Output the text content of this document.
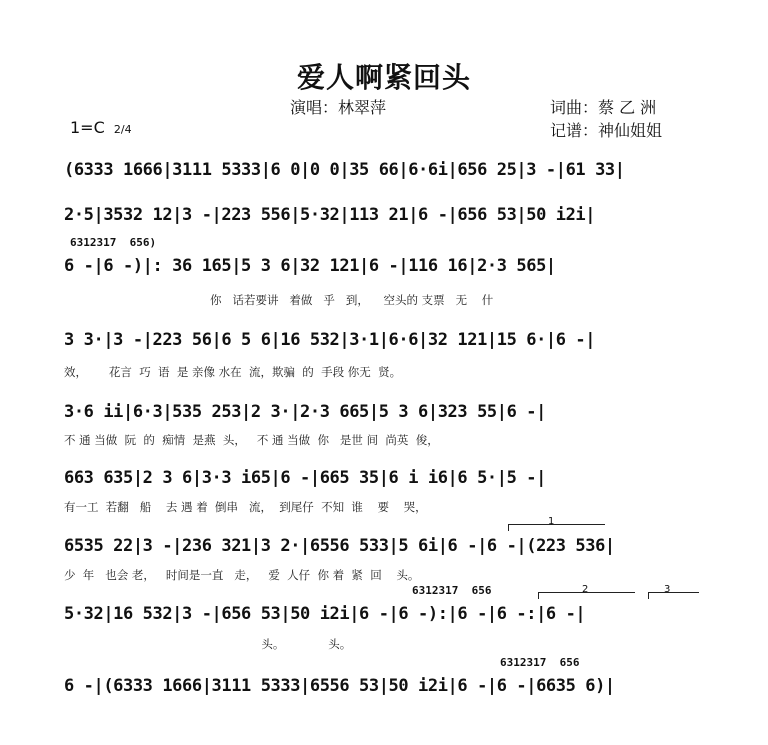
爱人啊紧回头
演唱：林翠萍	词曲：蔡 乙 洲
记谱：神仙姐姐
1=C 2/4
(6333 1666|3111 5333|6 0|0 0|35 66|6·6i|656 25|3 -|61 33|
2·5|3532 12|3 -|223 556|5·32|113 21|6 -|656 53|50 i2i|
6312317  656)
6 -|6 -)|: 36 165|5 3 6|32 121|6 -|116 16|2·3 565|
你   话若要讲   着做   乎   到，    空头的 支票   无    什
3 3·|3 -|223 56|6 5 6|16 532|3·1|6·6|32 121|15 6·|6 -|
效，      花言  巧  语  是 亲像 水在  流，欺骗  的  手段 你无  贤。
3·6 ii|6·3|535 253|2 3·|2·3 665|5 3 6|323 55|6 -|
不 通 当做  阮  的  痴情  是燕  头，   不 通 当做  你   是世 间  尚英  俊，
663 635|2 3 6|3·3 i65|6 -|665 35|6 i i6|6 5·|5 -|
有一工  若翻   船    去 遇 着  倒串   流，  到尾仔  不知  谁    要    哭，
1
6535 22|3 -|236 321|3 2·|6556 533|5 6i|6 -|6 -|(223 536|
少  年   也会 老，   时间是一直   走，   爱  人仔  你 着  紧  回    头。
6312317  656	2	3
5·32|16 532|3 -|656 53|50 i2i|6 -|6 -):|6 -|6 -:|6 -|
头。            头。
6312317  656
6 -|(6333 1666|3111 5333|6556 53|50 i2i|6 -|6 -|6635 6)|
